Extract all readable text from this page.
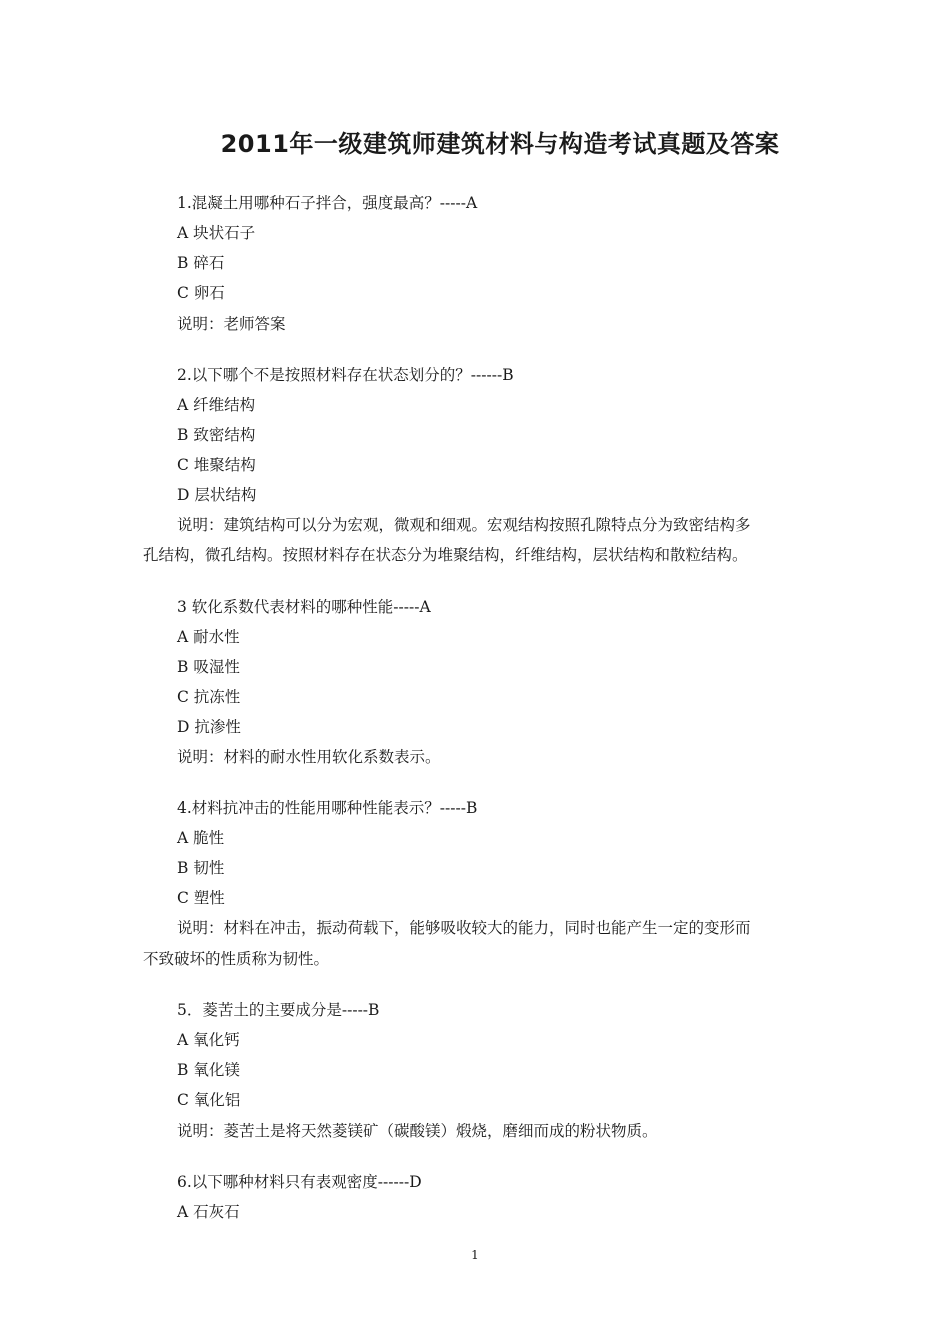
2011年一级建筑师建筑材料与构造考试真题及答案

1.混凝土用哪种石子拌合，强度最高？-----A

A 块状石子

B 碎石

C 卵石

说明：老师答案

2.以下哪个不是按照材料存在状态划分的？------B

A 纤维结构

B 致密结构

C 堆聚结构

D 层状结构

说明：建筑结构可以分为宏观，微观和细观。宏观结构按照孔隙特点分为致密结构多

孔结构，微孔结构。按照材料存在状态分为堆聚结构，纤维结构，层状结构和散粒结构。

3 软化系数代表材料的哪种性能-----A

A 耐水性

B 吸湿性

C 抗冻性

D 抗渗性

说明：材料的耐水性用软化系数表示。

4.材料抗冲击的性能用哪种性能表示？-----B

A 脆性

B 韧性

C 塑性

说明：材料在冲击，振动荷载下，能够吸收较大的能力，同时也能产生一定的变形而

不致破坏的性质称为韧性。

5．菱苦土的主要成分是-----B

A 氧化钙

B 氧化镁

C 氧化铝

说明：菱苦土是将天然菱镁矿（碳酸镁）煅烧，磨细而成的粉状物质。

6.以下哪种材料只有表观密度------D

A 石灰石

1
